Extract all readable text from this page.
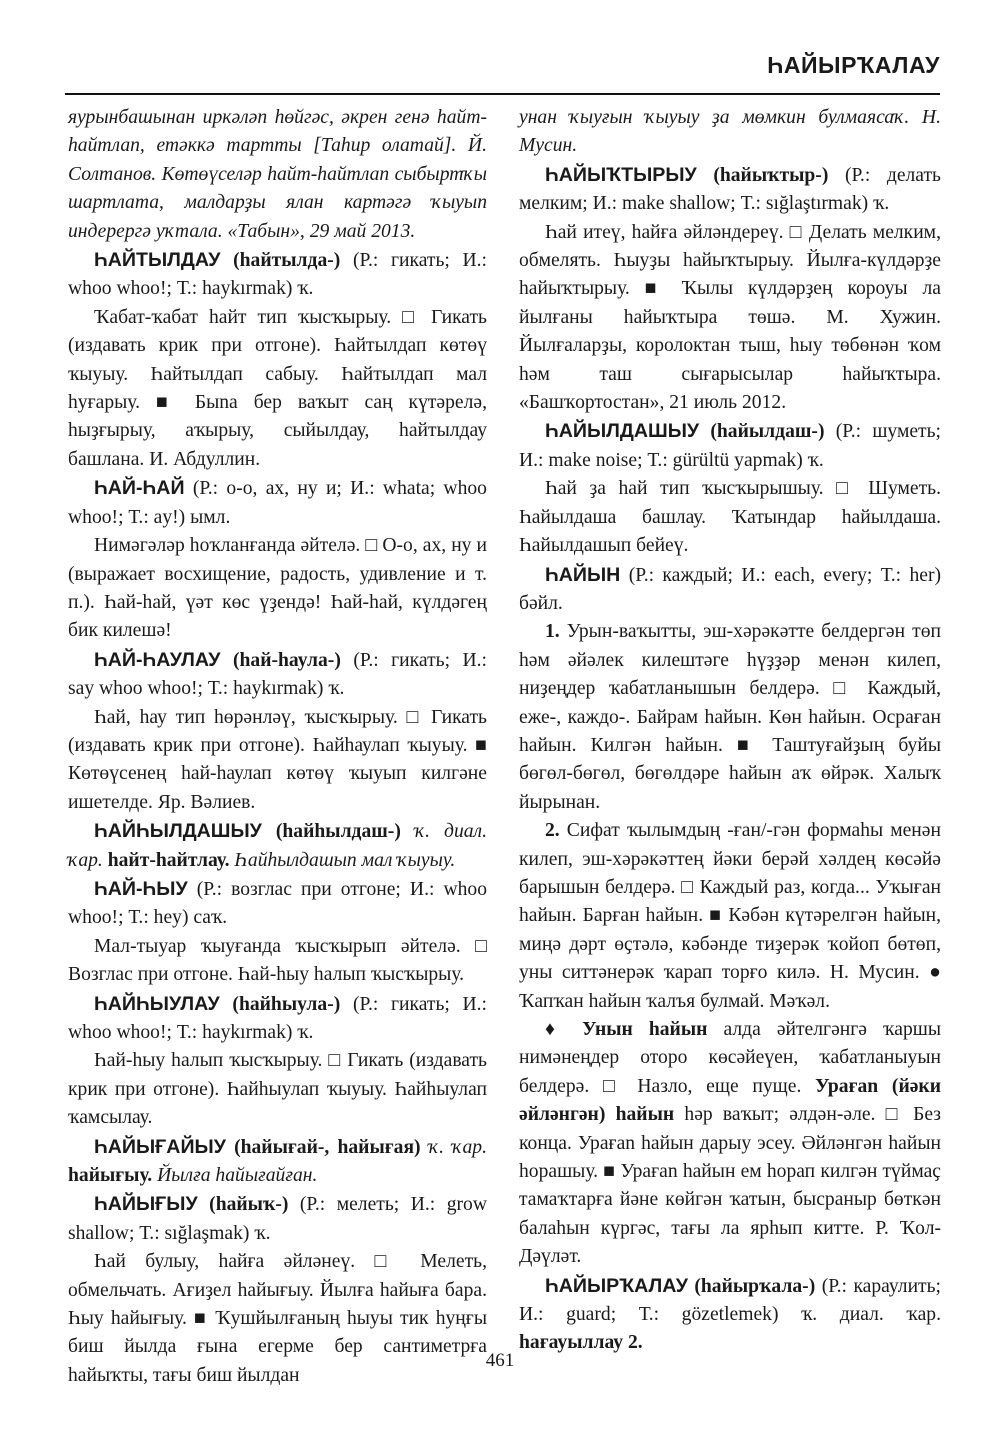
ҺАЙЫРҠАЛАУ

яурынбашынан иркәләп һөйгәс, әкрен генә һайт-һайтлап, етәккә тартты [Таһир олатай]. Й. Солтанов. Көтөүселәр һайт-һайтлап сыбыртҡы шартлата, малдарҙы ялан картәгә ҡыуып индерергә уҡтала. «Табын», 29 май 2013.

ҺАЙТЫЛДАУ (һайтылда-) (Р.: гикать; И.: whoo whoo!; Т.: haykırmak) ҡ.

Ҡабат-ҡабат һайт тип ҡысҡырыу. □ Гикать (издавать крик при отгоне). Һайтылдап көтөү ҡыуыу. Һайтылдап сабыу. Һайтылдап мал һуғарыу. ■ Быna бер ваҡыт саң күтәрелә, һыҙғырыу, аҡырыу, сыйылдау, һайтылдау башлана. И. Абдуллин.

ҺАЙ-ҺАЙ (Р.: о-о, ах, ну и; И.: whata; whoo whoo!; Т.: ay!) ымл.

Нимәгәләр һоҡланғанда әйтелә. □ О-о, ах, ну и (выражает восхищение, радость, удивление и т. п.). Һай-һай, үәт көс үҙендә! Һай-һай, күлдәгең бик килешә!

ҺАЙ-ҺАУЛАУ (һай-һаула-) (Р.: гикать; И.: say whoo whoo!; Т.: haykırmak) ҡ.

Һай, һау тип һөрәнләү, ҡысҡырыу. □ Гикать (издавать крик при отгоне). Һайһаулап ҡыуыу. ■ Көтөүсенең һай-һаулап көтөү ҡыуып килгәне ишетелде. Яр. Вәлиев.

ҺАЙҺЫЛДАШЫУ (һайһылдаш-) ҡ. диал. ҡар. һайт-һайтлау. Һайһылдашып мал ҡыуыу.

ҺАЙ-ҺЫУ (Р.: возглас при отгоне; И.: whoo whoo!; Т.: hey) саҡ.

Мал-тыуар ҡыуғанда ҡысҡырып әйтелә. □ Возглас при отгоне. Һай-һыу һалып ҡысҡырыу.

ҺАЙҺЫУЛАУ (һайһыула-) (Р.: гикать; И.: whoo whoo!; Т.: haykırmak) ҡ.

Һай-һыу һалып ҡысҡырыу. □ Гикать (издавать крик при отгоне). Һайһыулап ҡыуыу. Һайһыулап ҡамсылау.

ҺАЙЫҒАЙЫУ (һайығай-, һайығая) ҡ. ҡар. һайығыу. Йылға һайығайған.

ҺАЙЫҒЫУ (һайыҡ-) (Р.: мелеть; И.: grow shallow; Т.: sığlaşmak) ҡ.

Һай булыу, һайға әйләнеү. □ Мелеть, обмельчать. Ағиҙел һайығыу. Йылға һайыға бара. Һыу һайығыу. ■ Ҡушйылғаның һыуы тик һуңғы биш йылда ғына егерме бер сантиметрға һайыҡты, тағы биш йылдан

унан ҡыуғын ҡыуыу ҙа мөмкин булмаясаҡ. Н. Мусин.

ҺАЙЫҠТЫРЫУ (һайыҡтыр-) (Р.: делать мелким; И.: make shallow; Т.: sığlaştırmak) ҡ.

Һай итеү, һайға әйләндереү. □ Делать мелким, обмелять. Һыуҙы һайыҡтырыу. Йылға-күлдәрҙе һайыҡтырыу. ■ Ҡылы күлдәрҙең короуы ла йылғаны һайыҡтыра төшә. М. Хужин. Йылғаларҙы, королоктан тыш, һыу төбөнән ҡом һәм таш сығарысылар һайыҡтыра. «Башҡортостан», 21 июль 2012.

ҺАЙЫЛДАШЫУ (һайылдаш-) (Р.: шуметь; И.: make noise; Т.: gürültü yapmak) ҡ.

Һай ҙа һай тип ҡысҡырышыу. □ Шуметь. Һайылдаша башлау. Ҡатындар һайылдаша. Һайылдашып бейеү.

ҺАЙЫН (Р.: каждый; И.: each, every; Т.: her) бәйл.

1. Урын-ваҡытты, эш-хәрәкәтте белдергән төп һәм әйәлек килештәге һүҙҙәр менән килеп, ниҙеңдер ҡабатланышын белдерә. □ Каждый, еже-, каждо-. Байрам һайын. Көн һайын. Осраған һайын. Килгән һайын. ■ Таштуғайҙың буйы бөгөл-бөгөл, бөгөлдәре һайын аҡ өйрәк. Халыҡ йырынан.

2. Сифат ҡылымдың -ған/-гән формаһы менән килеп, эш-хәрәкәттең йәки берәй хәлдең көсәйә барышын белдерә. □ Каждый раз, когда... Уҡыған һайын. Барған һайын. ■ Кәбән күтәрелгән һайын, миңә дәрт өҫтәлә, кәбәнде тиҙерәк ҡойоп бөтөп, уны ситтәнерәк ҡарап торғо килә. Н. Мусин. ● Ҡапҡан һайын ҡалъя булмай. Мәҡәл.

♦ Унын һайын алда әйтелгәнгә ҡаршы нимәнеңдер отоpo көсәйеүен, ҡабатланыуын белдерә. □ Назло, еще пуще. Урағаn (йәки әйләнгән) һайын һәр ваҡыт; әлдән-әле. □ Без конца. Урағаn һайын дарыу эсеу. Әйләнгән һайын һорашыу. ■ Урағаn һайын ем һорап килгән түймаҫ тамаҡтарға йәне көйгән ҡатын, бысраныp бөткән балаһын күргәс, тағы ла ярһып китте. Р. Ҡол-Дәүләт.

ҺАЙЫРҠАЛАУ (һайырҡала-) (Р.: караулить; И.: guard; Т.: gözetlemek) ҡ. диал. ҡар. һағауыллау 2.

461
